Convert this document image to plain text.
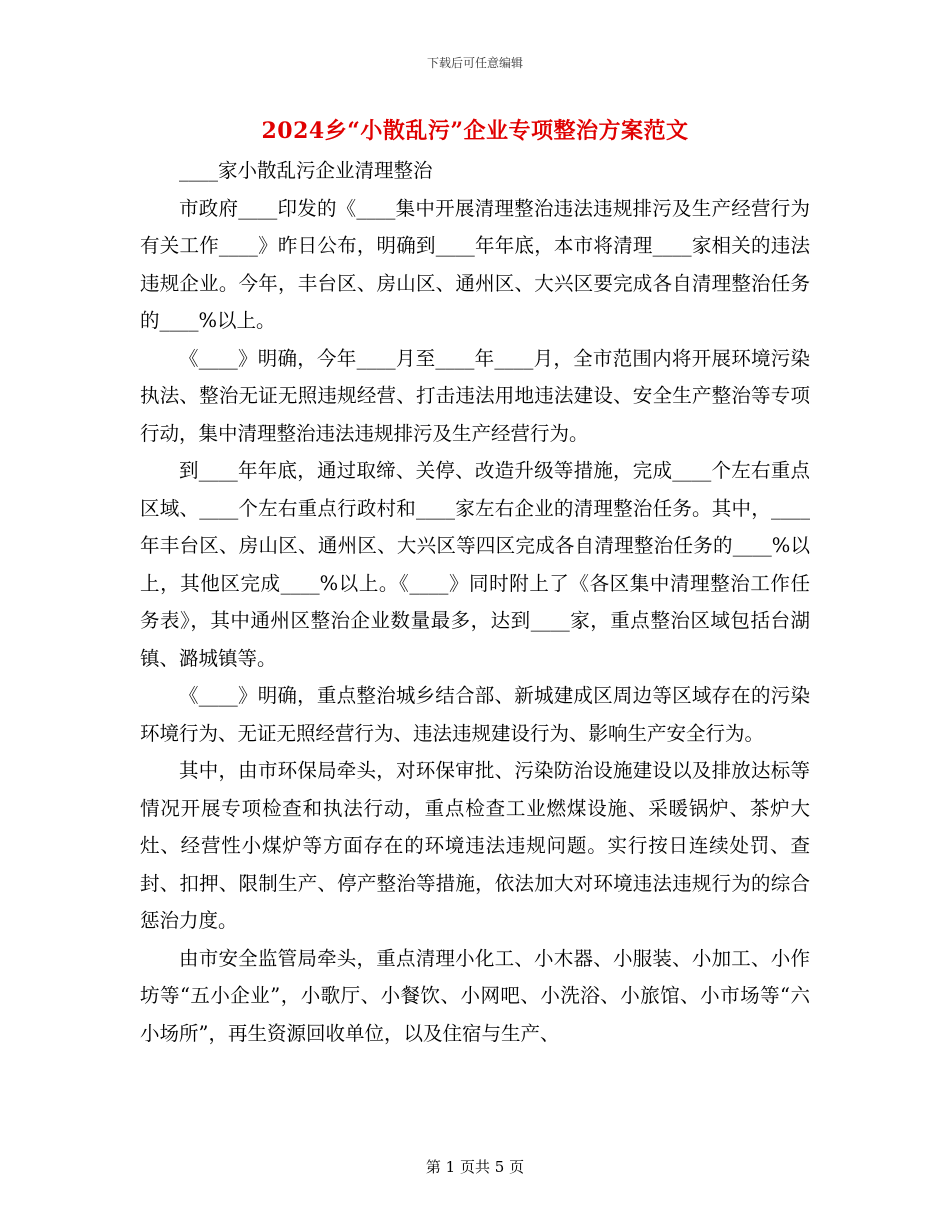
下载后可任意编辑
2024乡“小散乱污”企业专项整治方案范文

____家小散乱污企业清理整治

市政府____印发的《____集中开展清理整治违法违规排污及生产经营行为有关工作____》昨日公布，明确到____年年底，本市将清理____家相关的违法违规企业。今年，丰台区、房山区、通州区、大兴区要完成各自清理整治任务的____%以上。

《____》明确，今年____月至____年____月，全市范围内将开展环境污染执法、整治无证无照违规经营、打击违法用地违法建设、安全生产整治等专项行动，集中清理整治违法违规排污及生产经营行为。

到____年年底，通过取缔、关停、改造升级等措施，完成____个左右重点区域、____个左右重点行政村和____家左右企业的清理整治任务。其中，____年丰台区、房山区、通州区、大兴区等四区完成各自清理整治任务的____%以上，其他区完成____%以上。《____》同时附上了《各区集中清理整治工作任务表》，其中通州区整治企业数量最多，达到____家，重点整治区域包括台湖镇、潞城镇等。

《____》明确，重点整治城乡结合部、新城建成区周边等区域存在的污染环境行为、无证无照经营行为、违法违规建设行为、影响生产安全行为。

其中，由市环保局牵头，对环保审批、污染防治设施建设以及排放达标等情况开展专项检查和执法行动，重点检查工业燃煤设施、采暖锅炉、茶炉大灶、经营性小煤炉等方面存在的环境违法违规问题。实行按日连续处罚、查封、扣押、限制生产、停产整治等措施，依法加大对环境违法违规行为的综合惩治力度。

由市安全监管局牵头，重点清理小化工、小木器、小服装、小加工、小作坊等“五小企业”，小歌厅、小餐饮、小网吧、小洗浴、小旅馆、小市场等“六小场所”，再生资源回收单位，以及住宿与生产、

第 1 页共 5 页
